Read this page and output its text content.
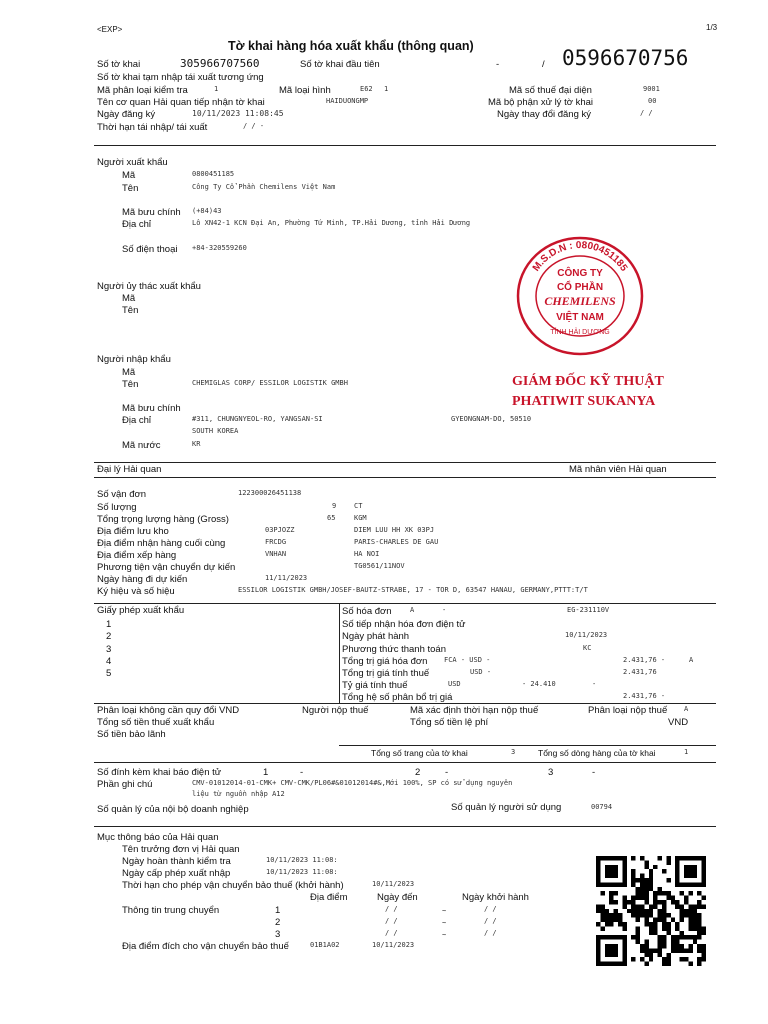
<EXP>	1/3
Tờ khai hàng hóa xuất khẩu (thông quan)
-	/ 0596670756
Số tờ khai	305966707560	Số tờ khai đầu tiên
Số tờ khai tạm nhập tái xuất tương ứng
Mã phân loại kiểm tra	1	Mã loại hình	E62 1	Mã số thuế đại diện	9001
Tên cơ quan Hải quan tiếp nhận tờ khai	HAIDUONGMP	Mã bộ phận xử lý tờ khai	00
Ngày đăng ký	10/11/2023 11:08:45	Ngày thay đổi đăng ký	/ /
Thời hạn tái nhập/ tái xuất	/ / -
Người xuất khẩu
Mã	0800451185
Tên	Công Ty Cổ Phần Chemilens Việt Nam
Mã bưu chính (+84)43
Địa chỉ	Lô XN42-1 KCN Đại An, Phường Tứ Minh, TP.Hải Dương, tỉnh Hải Dương
Số điện thoại +84-320559260
Người ủy thác xuất khẩu
Mã
Tên
Người nhập khẩu
Mã
Tên	CHEMIGLAS CORP/ ESSILOR LOGISTIK GMBH
Mã bưu chính
Địa chỉ	#311, CHUNGNYEOL-RO, YANGSAN-SI	GYEONGNAM-DO, 50510
SOUTH KOREA
Mã nước	KR
Đại lý Hải quan	Mã nhân viên Hải quan
Số vận đơn	122300026451138
Số lượng	9	CT
Tổng trọng lượng hàng (Gross)	65	KGM
Địa điểm lưu kho	03PJOZZ	DIEM LUU HH XK 03PJ
Địa điểm nhận hàng cuối cùng	FRCDG	PARIS-CHARLES DE GAU
Địa điểm xếp hàng	VNHAN	HA NOI
Phương tiện vận chuyển dự kiến	TG0561/11NOV
Ngày hàng đi dự kiến	11/11/2023
Ký hiệu và số hiệu	ESSILOR LOGISTIK GMBH/JOSEF-BAUTZ-STRABE, 17 - TOR D, 63547 HANAU, GERMANY,PTTT:T/T
Giấy phép xuất khẩu
1
2
3
4
5
Số hóa đơn	A	-	EG-231110V
Số tiếp nhận hóa đơn điện tử
Ngày phát hành	10/11/2023
Phương thức thanh toán	KC
Tổng trị giá hóa đơn FCA - USD -	2.431,76 -	A
Tổng trị giá tính thuế	USD -	2.431,76
Tỷ giá tính thuế	USD	- 24.410	-
Tổng hệ số phân bổ trị giá	2.431,76 -
Phân loại không cần quy đổi VND	Người nộp thuế	Mã xác định thời hạn nộp thuế	Phân loại nộp thuế A
Tổng số tiền thuế xuất khẩu	Tổng số tiền lệ phí	VND
Số tiền bảo lãnh
Tổng số trang của tờ khai	3	Tổng số dòng hàng của tờ khai	1
Số đính kèm khai báo điện tử	1	-	2	-	3	-
Phần ghi chú	CMV-01012014-01-CMK+ CMV-CMK/PL06#&01012014#&,Mới 100%, SP có sử dụng nguyên
liệu từ nguồn nhập A12
Số quản lý của nội bộ doanh nghiệp	Số quản lý người sử dụng	00794
Mục thông báo của Hải quan
Tên trưởng đơn vị Hải quan
Ngày hoàn thành kiểm tra	10/11/2023 11:08:
Ngày cấp phép xuất nhập	10/11/2023 11:08:
Thời hạn cho phép vận chuyển bảo thuế (khởi hành)	10/11/2023
Địa điểm	Ngày đến	Ngày khởi hành
Thông tin trung chuyển	1	/ /	~	/ /
2	/ /	~	/ /
3	/ /	~	/ /
Địa điểm đích cho vận chuyển bảo thuế	01B1A02	10/11/2023
M.S.D.N : 0800451185
CÔNG TY
CỔ PHẦN
CHEMILENS
VIỆT NAM
TỈNH HẢI DƯƠNG
GIÁM ĐỐC KỸ THUẬT
PHATIWIT SUKANYA
